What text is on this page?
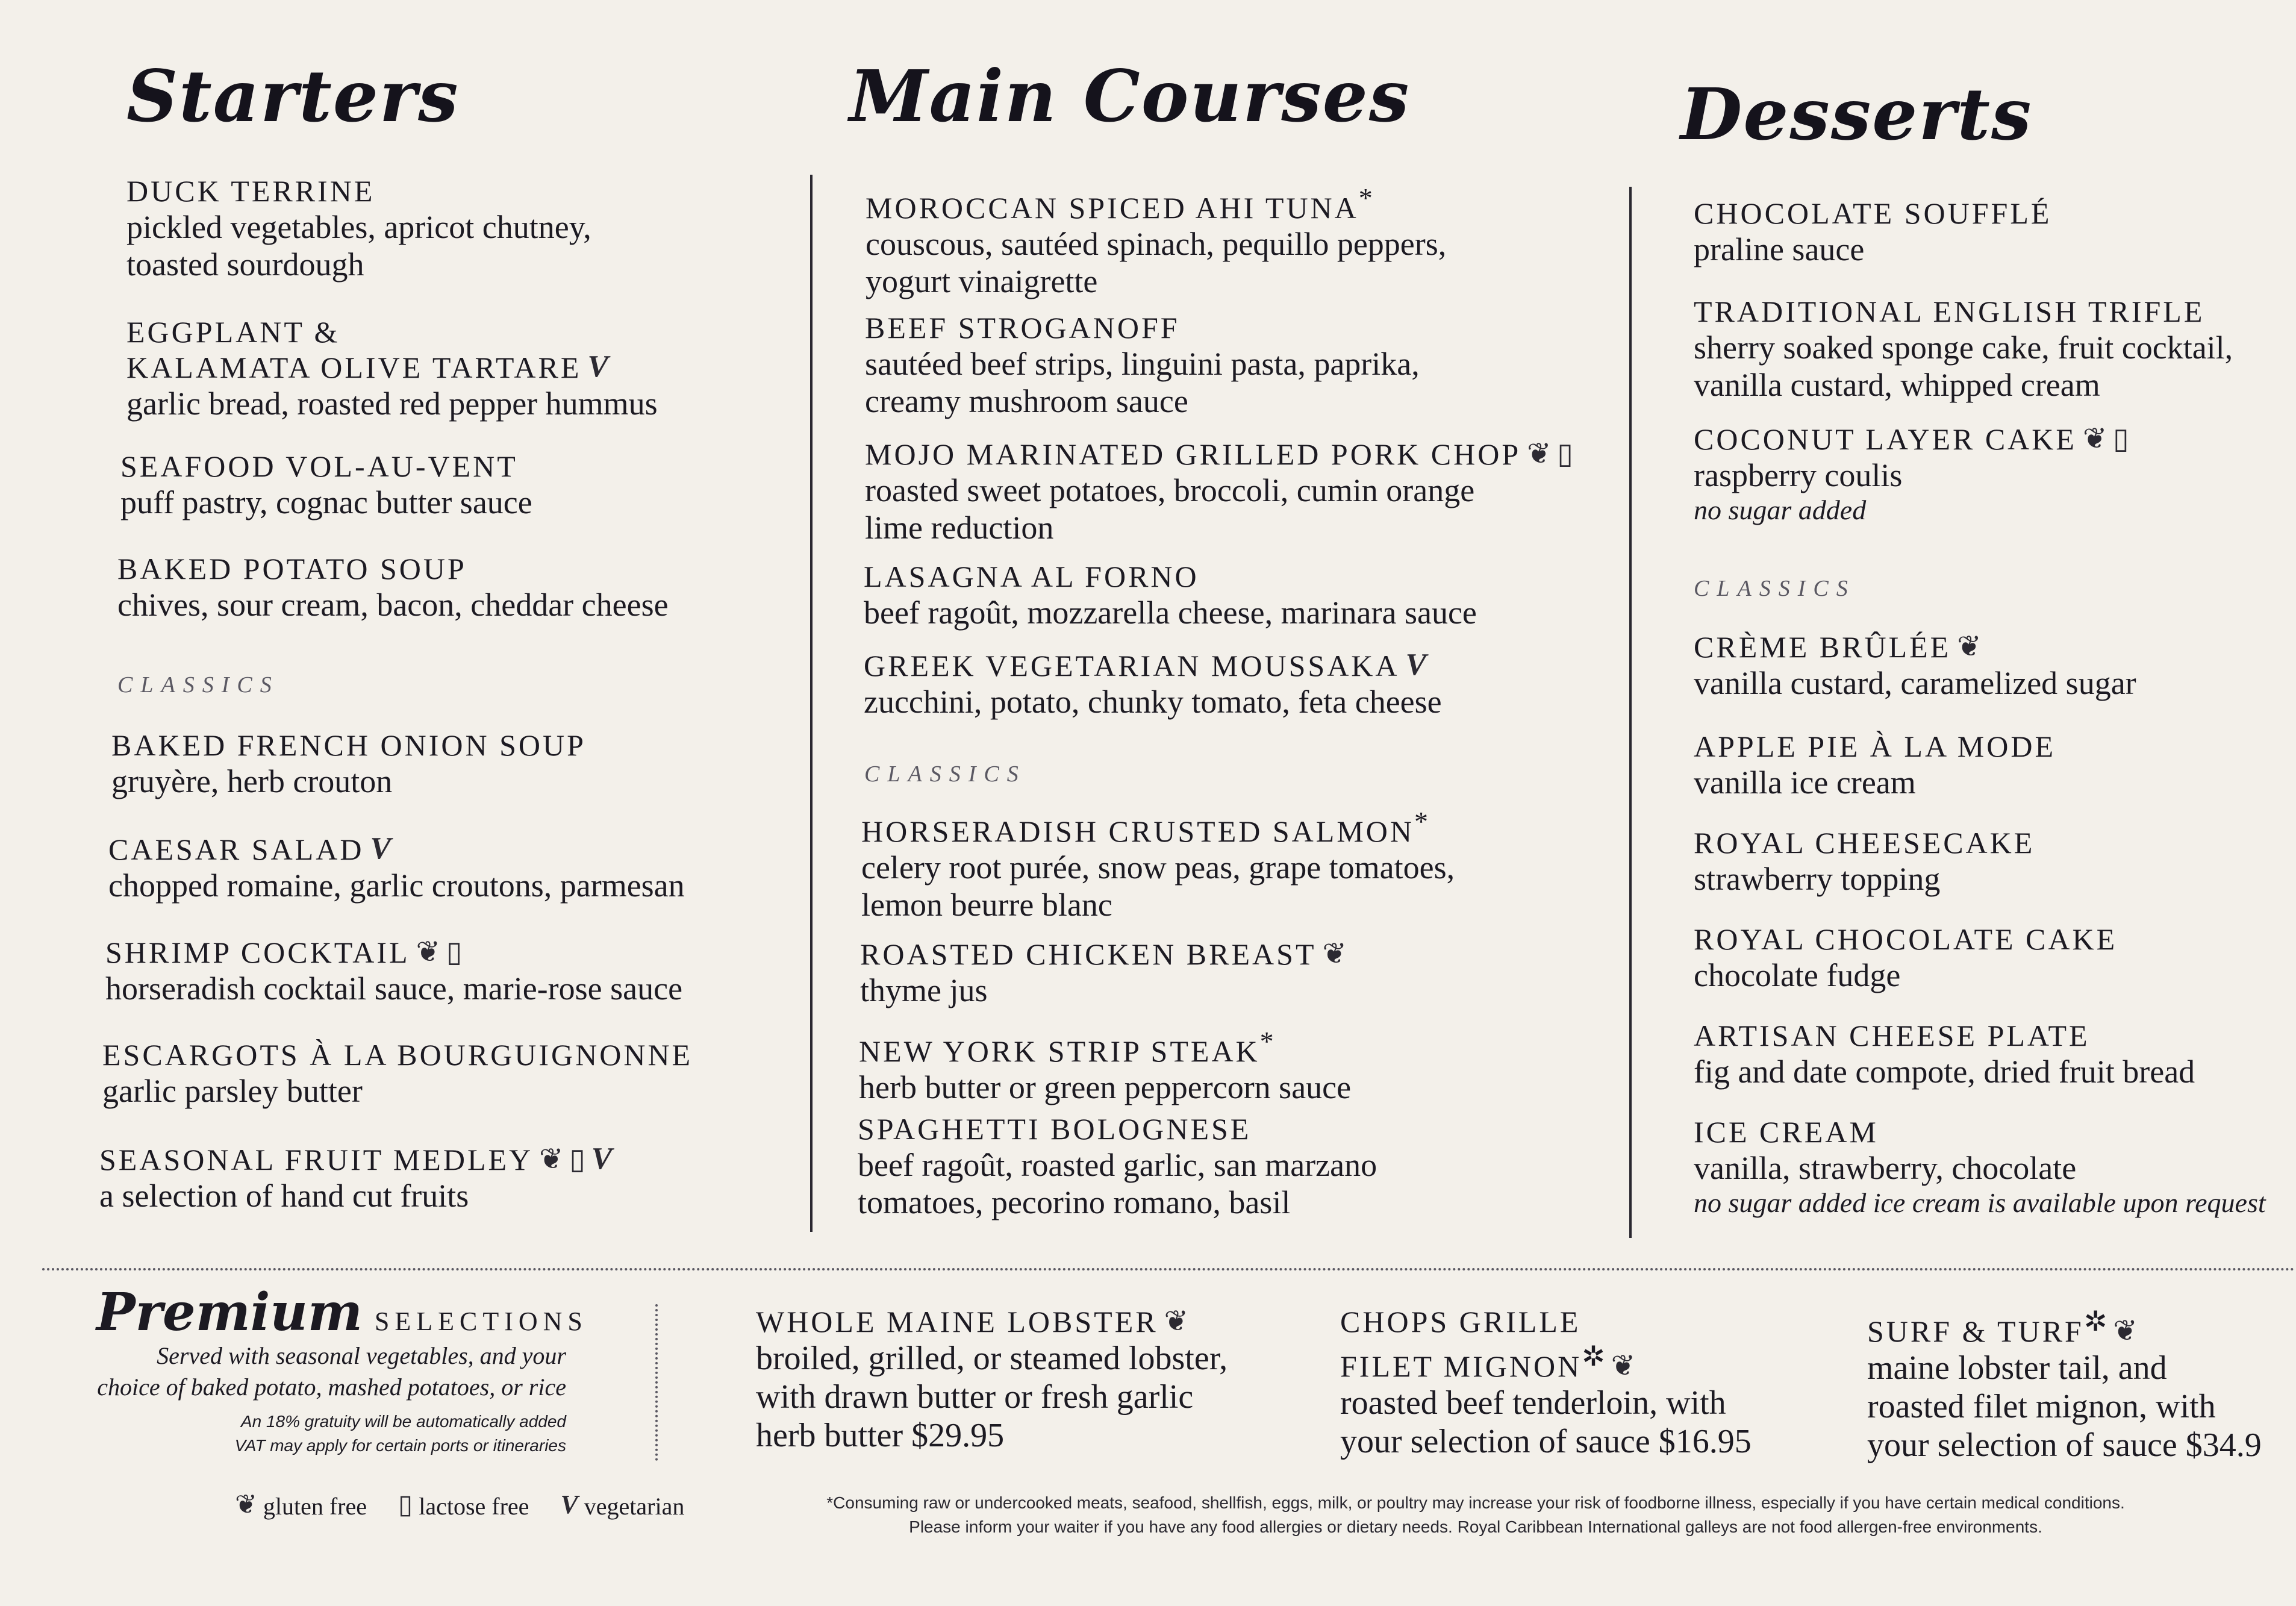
Starters
DUCK TERRINE
pickled vegetables, apricot chutney,
toasted sourdough
EGGPLANT &
KALAMATA OLIVE TARTARE V
garlic bread, roasted red pepper hummus
SEAFOOD VOL-AU-VENT
puff pastry, cognac butter sauce
BAKED POTATO SOUP
chives, sour cream, bacon, cheddar cheese
CLASSICS
BAKED FRENCH ONION SOUP
gruyère, herb crouton
CAESAR SALAD V
chopped romaine, garlic croutons, parmesan
SHRIMP COCKTAIL ❦ ▯
horseradish cocktail sauce, marie-rose sauce
ESCARGOTS À LA BOURGUIGNONNE
garlic parsley butter
SEASONAL FRUIT MEDLEY ❦ ▯ V
a selection of hand cut fruits
Main Courses
MOROCCAN SPICED AHI TUNA*
couscous, sautéed spinach, pequillo peppers,
yogurt vinaigrette
BEEF STROGANOFF
sautéed beef strips, linguini pasta, paprika,
creamy mushroom sauce
MOJO MARINATED GRILLED PORK CHOP ❦ ▯
roasted sweet potatoes, broccoli, cumin orange
lime reduction
LASAGNA AL FORNO
beef ragoût, mozzarella cheese, marinara sauce
GREEK VEGETARIAN MOUSSAKA V
zucchini, potato, chunky tomato, feta cheese
CLASSICS
HORSERADISH CRUSTED SALMON*
celery root purée, snow peas, grape tomatoes,
lemon beurre blanc
ROASTED CHICKEN BREAST ❦
thyme jus
NEW YORK STRIP STEAK*
herb butter or green peppercorn sauce
SPAGHETTI BOLOGNESE
beef ragoût, roasted garlic, san marzano
tomatoes, pecorino romano, basil
Desserts
CHOCOLATE SOUFFLÉ
praline sauce
TRADITIONAL ENGLISH TRIFLE
sherry soaked sponge cake, fruit cocktail,
vanilla custard, whipped cream
COCONUT LAYER CAKE ❦ ▯
raspberry coulis
no sugar added
CLASSICS
CRÈME BRÛLÉE ❦
vanilla custard, caramelized sugar
APPLE PIE À LA MODE
vanilla ice cream
ROYAL CHEESECAKE
strawberry topping
ROYAL CHOCOLATE CAKE
chocolate fudge
ARTISAN CHEESE PLATE
fig and date compote, dried fruit bread
ICE CREAM
vanilla, strawberry, chocolate
no sugar added ice cream is available upon request
Premium SELECTIONS
Served with seasonal vegetables, and your
choice of baked potato, mashed potatoes, or rice
An 18% gratuity will be automatically added
VAT may apply for certain ports or itineraries
WHOLE MAINE LOBSTER ❦
broiled, grilled, or steamed lobster,
with drawn butter or fresh garlic
herb butter $29.95
CHOPS GRILLE
FILET MIGNON✲ ❦
roasted beef tenderloin, with
your selection of sauce $16.95
SURF & TURF✲ ❦
maine lobster tail, and
roasted filet mignon, with
your selection of sauce $34.9
❦ gluten free ▯ lactose free V vegetarian	*Consuming raw or undercooked meats, seafood, shellfish, eggs, milk, or poultry may increase your risk of foodborne illness, especially if you have certain medical conditions.
Please inform your waiter if you have any food allergies or dietary needs. Royal Caribbean International galleys are not food allergen-free environments.
